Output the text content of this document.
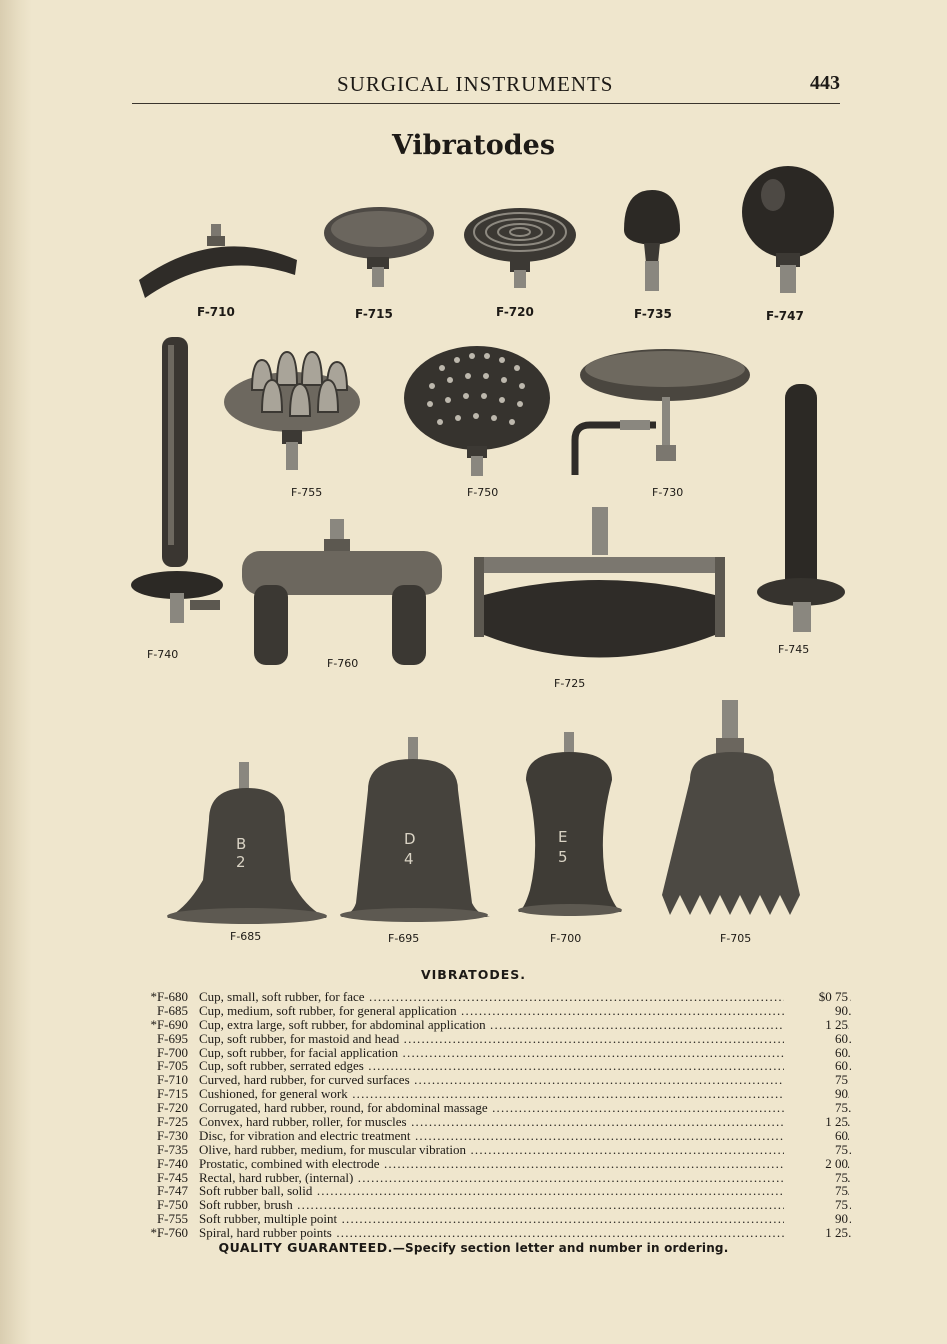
SURGICAL INSTRUMENTS	443
Vibratodes
F-710	F-715	F-720	F-735	F-747
F-755	F-750	F-730
F-740
F-760
F-725
F-745
F-685
B
2
F-695
D
4
F-700
E
5
F-705
VIBRATODES.
*F-680 Cup, small, soft rubber, for face .....	$0 75
F-685 Cup, medium, soft rubber, for general application .....	90
*F-690 Cup, extra large, soft rubber, for abdominal application .....	1 25
F-695 Cup, soft rubber, for mastoid and head .....	60
F-700 Cup, soft rubber, for facial application .....	60
F-705 Cup, soft rubber, serrated edges .....	60
F-710 Curved, hard rubber, for curved surfaces .....	75
F-715 Cushioned, for general work .....	90
F-720 Corrugated, hard rubber, round, for abdominal massage .....	75
F-725 Convex, hard rubber, roller, for muscles .....	1 25
F-730 Disc, for vibration and electric treatment .....	60
F-735 Olive, hard rubber, medium, for muscular vibration .....	75
F-740 Prostatic, combined with electrode .....	2 00
F-745 Rectal, hard rubber, (internal) .....	75
F-747 Soft rubber ball, solid .....	75
F-750 Soft rubber, brush .....	75
F-755 Soft rubber, multiple point .....	90
*F-760 Spiral, hard rubber points .....	1 25
QUALITY GUARANTEED.—Specify section letter and number in ordering.
